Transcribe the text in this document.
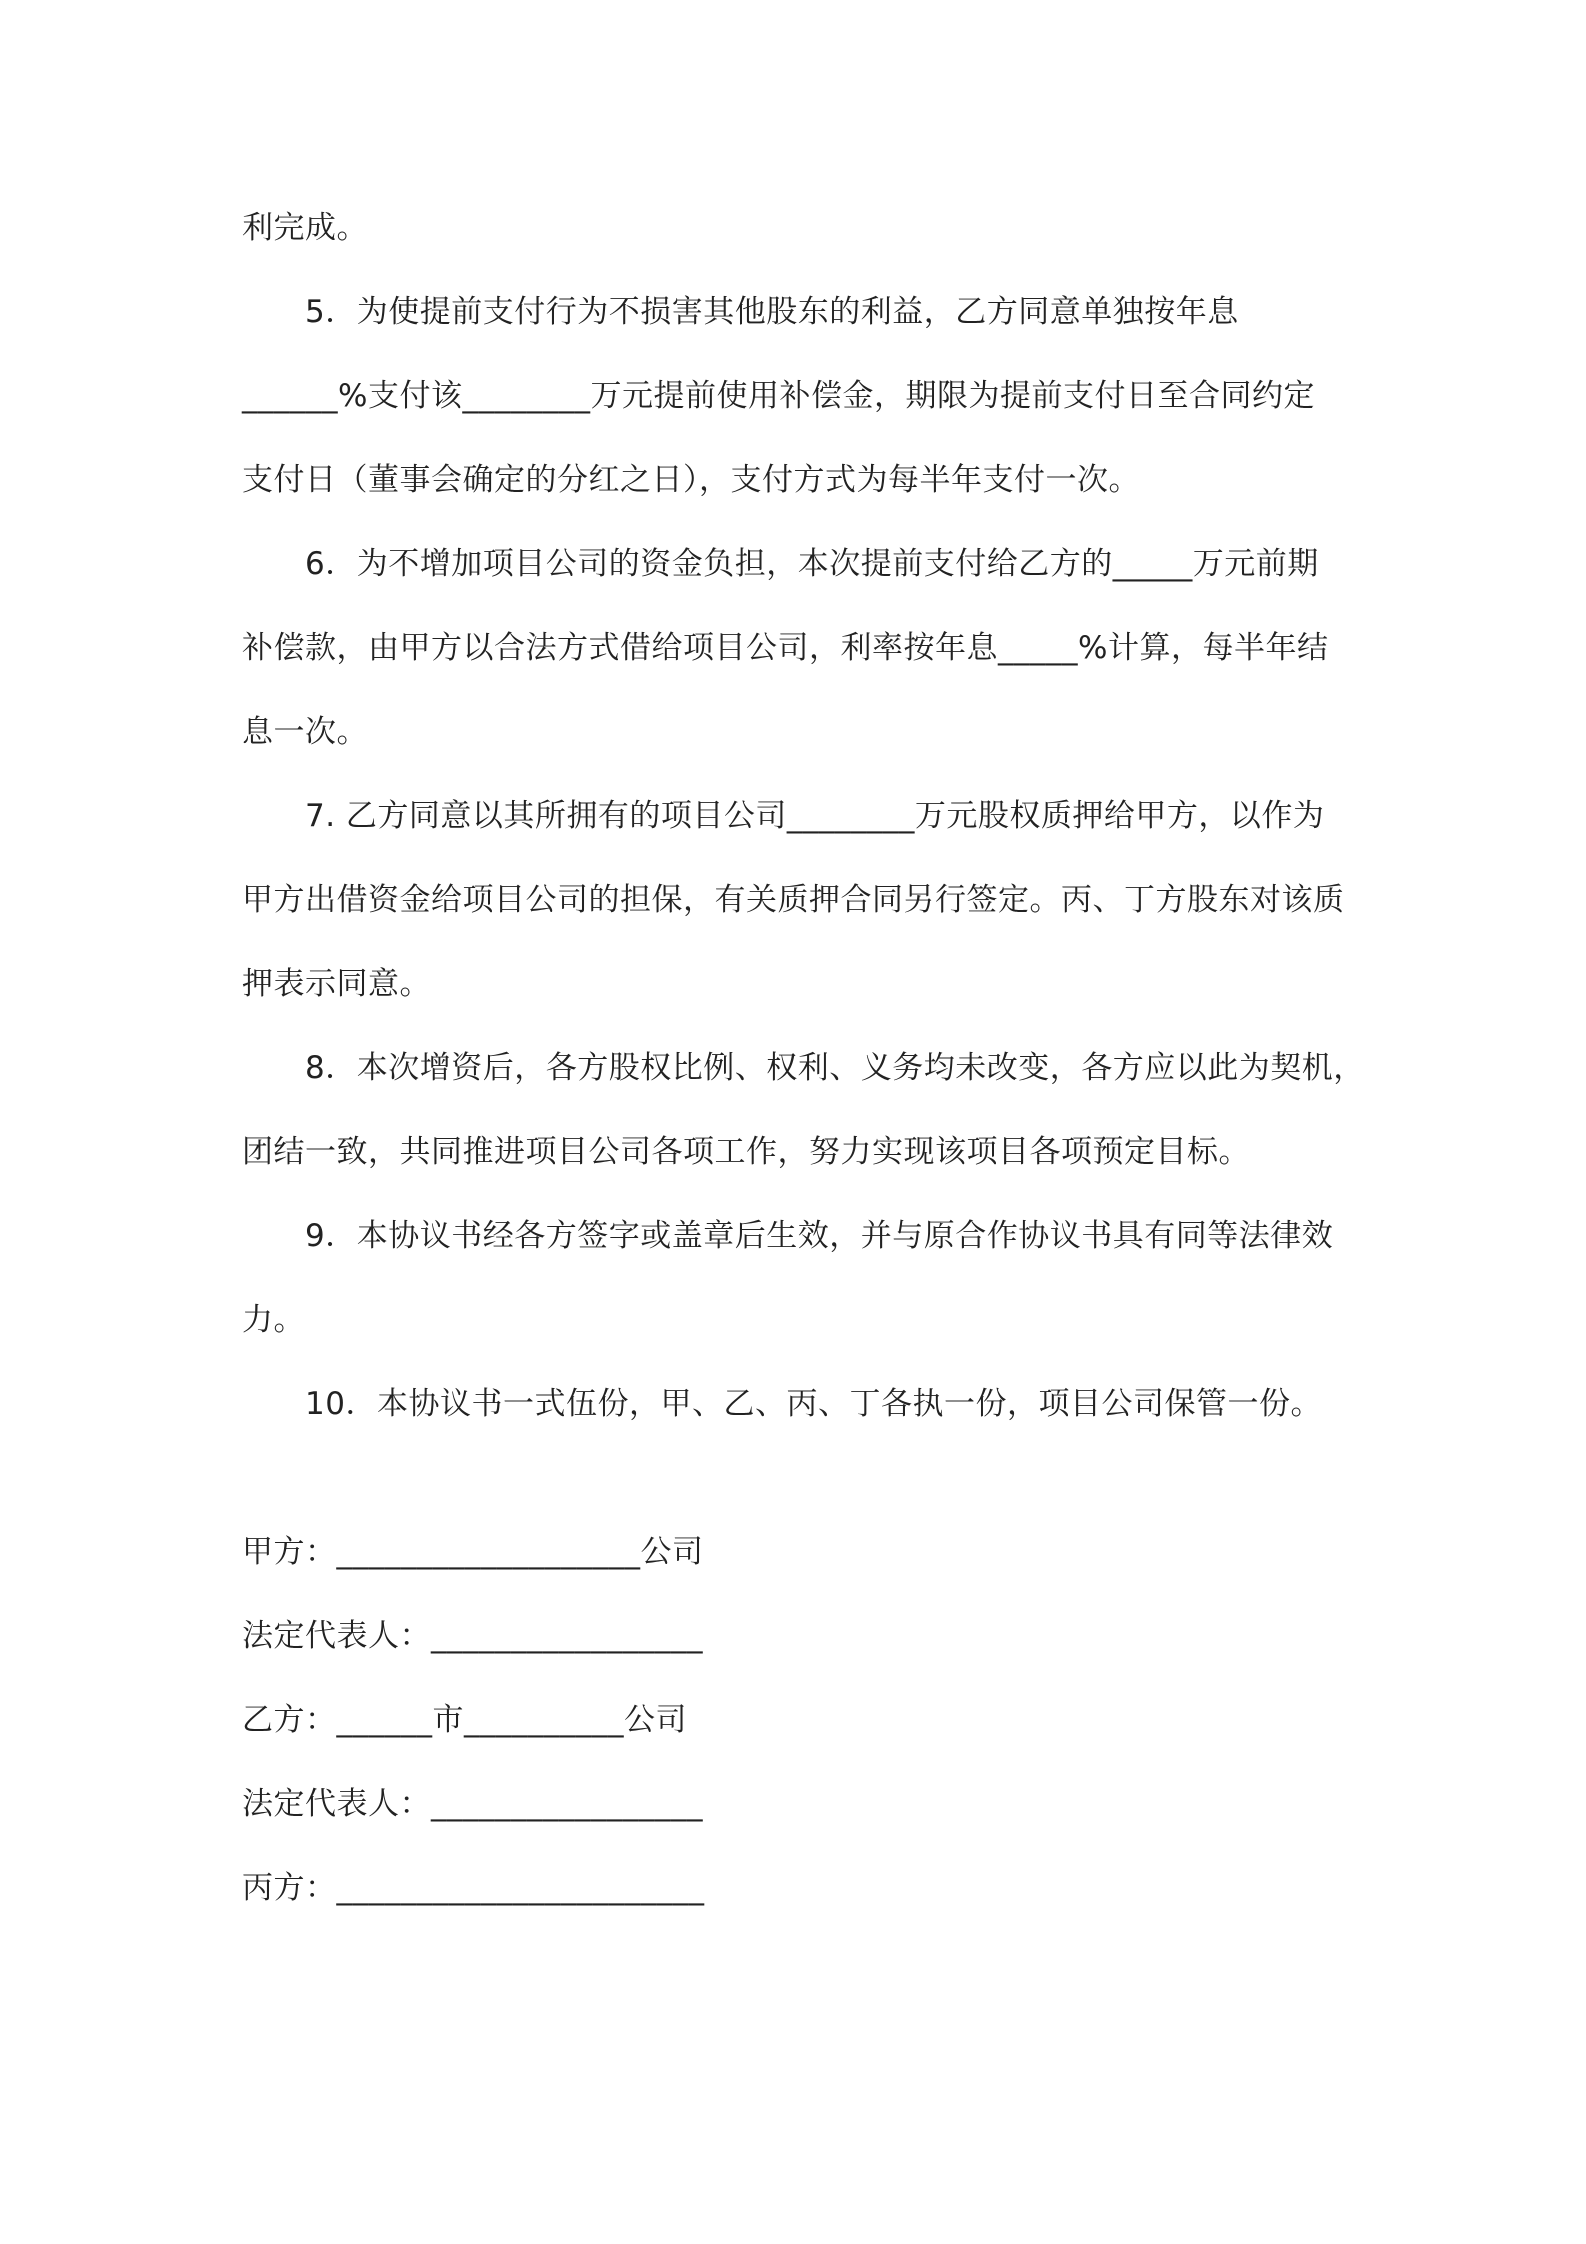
利完成。
5．为使提前支付行为不损害其他股东的利益，乙方同意单独按年息
______%支付该________万元提前使用补偿金，期限为提前支付日至合同约定
支付日（董事会确定的分红之日），支付方式为每半年支付一次。
6．为不增加项目公司的资金负担，本次提前支付给乙方的_____万元前期
补偿款，由甲方以合法方式借给项目公司，利率按年息_____%计算，每半年结
息一次。
7. 乙方同意以其所拥有的项目公司________万元股权质押给甲方，以作为
甲方出借资金给项目公司的担保，有关质押合同另行签定。丙、丁方股东对该质
押表示同意。
8．本次增资后，各方股权比例、权利、义务均未改变，各方应以此为契机，
团结一致，共同推进项目公司各项工作，努力实现该项目各项预定目标。
9．本协议书经各方签字或盖章后生效，并与原合作协议书具有同等法律效
力。
10．本协议书一式伍份，甲、乙、丙、丁各执一份，项目公司保管一份。
甲方：___________________公司
法定代表人：_________________
乙方：______市__________公司
法定代表人：_________________
丙方：_______________________
